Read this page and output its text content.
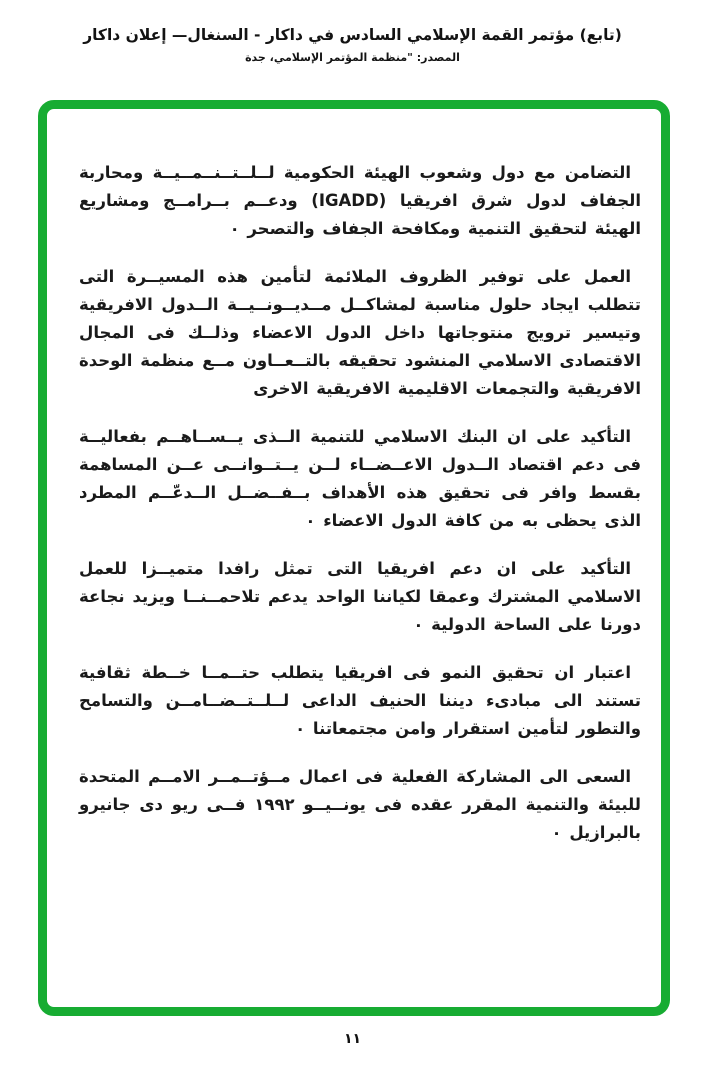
(تابع) مؤتمر القمة الإسلامي السادس في داكار - السنغال— إعلان داكار
المصدر: "منظمة المؤتمر الإسلامي، جدة

التضامن مع دول وشعوب الهيئة الحكومية لــلــتــنــمــيــة ومحاربة الجفاف لدول شرق افريقيا (IGADD) ودعــم بــرامــج ومشاريع الهيئة لتحقيق التنمية ومكافحة الجفاف والتصحر ٠

العمل على توفير الظروف الملائمة لتأمين هذه المسيــرة التى تتطلب ايجاد حلول مناسبة لمشاكــل مــديــونــيــة الــدول الافريقية وتيسير ترويج منتوجاتها داخل الدول الاعضاء وذلــك فى المجال الاقتصادى الاسلامي المنشود تحقيقه بالتــعــاون مــع منظمة الوحدة الافريقية والتجمعات الاقليمية الافريقية الاخرى

التأكيد على ان البنك الاسلامي للتنمية الــذى يــســاهــم بفعاليــة فى دعم اقتصاد الــدول الاعــضــاء لــن يــتــوانــى عــن المساهمة بقسط وافر فى تحقيق هذه الأهداف بــفــضــل الــدعّــم المطرد الذى يحظى به من كافة الدول الاعضاء ٠

التأكيد على ان دعم افريقيا التى تمثل رافدا متميــزا للعمل الاسلامي المشترك وعمقا لكياننا الواحد يدعم تلاحمــنــا ويزيد نجاعة دورنا على الساحة الدولية ٠

اعتبار ان تحقيق النمو فى افريقيا يتطلب حتــمــا خــطة ثقافية تستند الى مبادىء ديننا الحنيف الداعى لــلــتــضــامــن والتسامح والتطور لتأمين استقرار وامن مجتمعاتنا ٠

السعى الى المشاركة الفعلية فى اعمال مــؤتــمــر الامــم المتحدة للبيئة والتنمية المقرر عقده فى يونــيــو ١٩٩٢ فــى ريو دى جانيرو بالبرازيل ٠

١١
